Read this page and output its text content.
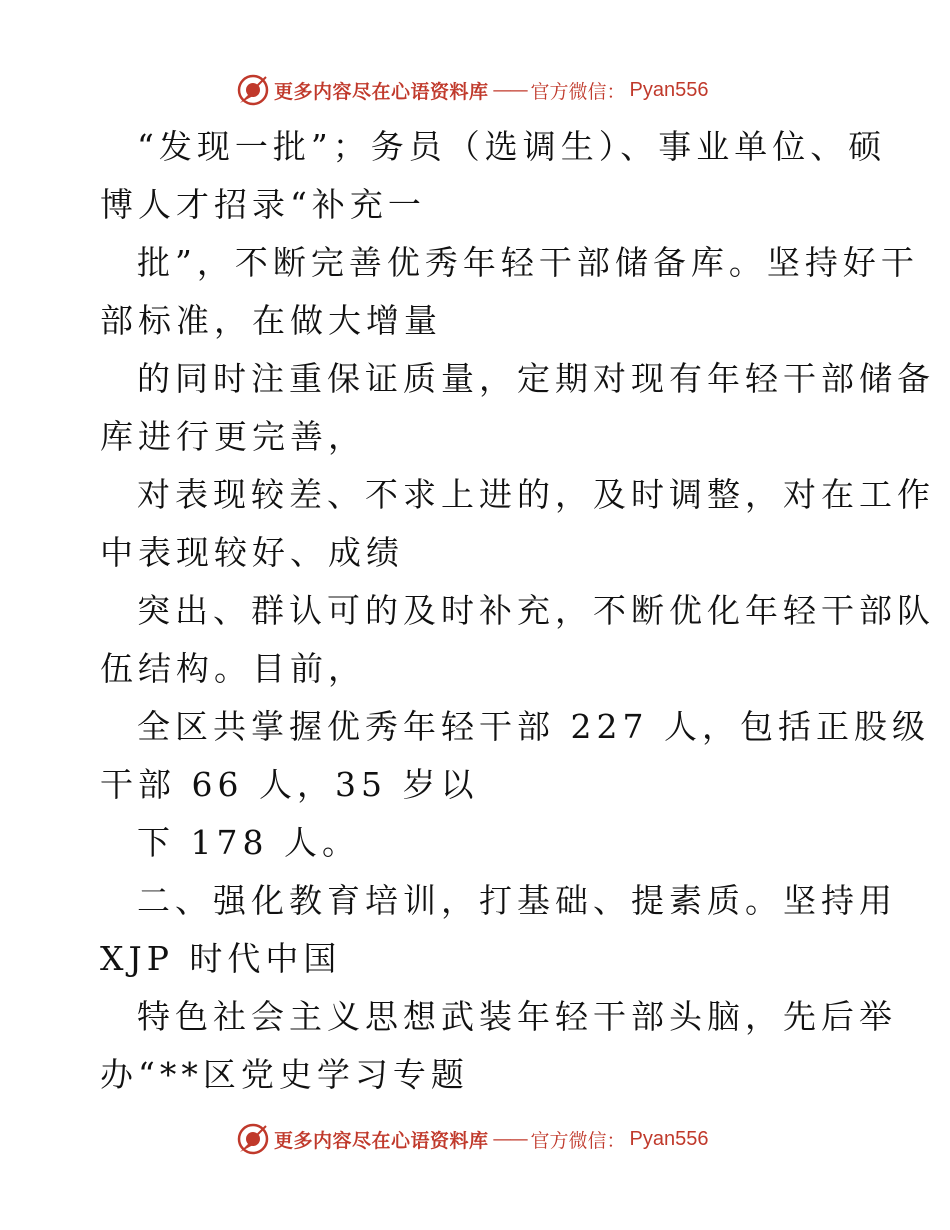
更多内容尽在心语资料库 —— 官方微信： Pyan556
“发现一批”；务员（选调生）、事业单位、硕
博人才招录“补充一
批”，不断完善优秀年轻干部储备库。坚持好干
部标准，在做大增量
的同时注重保证质量，定期对现有年轻干部储备
库进行更完善，
对表现较差、不求上进的，及时调整，对在工作
中表现较好、成绩
突出、群认可的及时补充，不断优化年轻干部队
伍结构。目前，
全区共掌握优秀年轻干部 227 人，包括正股级
干部 66 人，35 岁以
下 178 人。
二、强化教育培训，打基础、提素质。坚持用
XJP 时代中国
特色社会主义思想武装年轻干部头脑，先后举
办“**区党史学习专题
更多内容尽在心语资料库 —— 官方微信： Pyan556
